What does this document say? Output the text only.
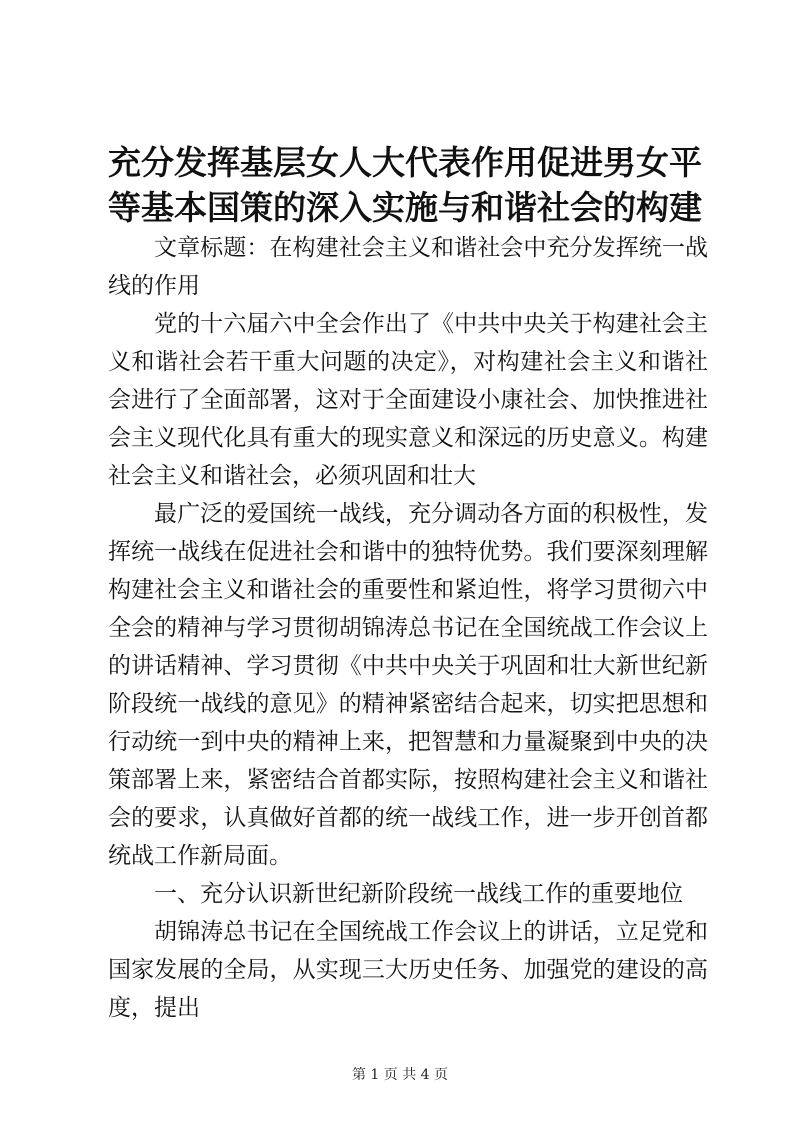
充分发挥基层女人大代表作用促进男女平等基本国策的深入实施与和谐社会的构建

文章标题：在构建社会主义和谐社会中充分发挥统一战线的作用

党的十六届六中全会作出了《中共中央关于构建社会主义和谐社会若干重大问题的决定》，对构建社会主义和谐社会进行了全面部署，这对于全面建设小康社会、加快推进社会主义现代化具有重大的现实意义和深远的历史意义。构建社会主义和谐社会，必须巩固和壮大

最广泛的爱国统一战线，充分调动各方面的积极性，发挥统一战线在促进社会和谐中的独特优势。我们要深刻理解构建社会主义和谐社会的重要性和紧迫性，将学习贯彻六中全会的精神与学习贯彻胡锦涛总书记在全国统战工作会议上的讲话精神、学习贯彻《中共中央关于巩固和壮大新世纪新阶段统一战线的意见》的精神紧密结合起来，切实把思想和行动统一到中央的精神上来，把智慧和力量凝聚到中央的决策部署上来，紧密结合首都实际，按照构建社会主义和谐社会的要求，认真做好首都的统一战线工作，进一步开创首都统战工作新局面。

一、充分认识新世纪新阶段统一战线工作的重要地位

胡锦涛总书记在全国统战工作会议上的讲话，立足党和国家发展的全局，从实现三大历史任务、加强党的建设的高度，提出

第 1 页 共 4 页
